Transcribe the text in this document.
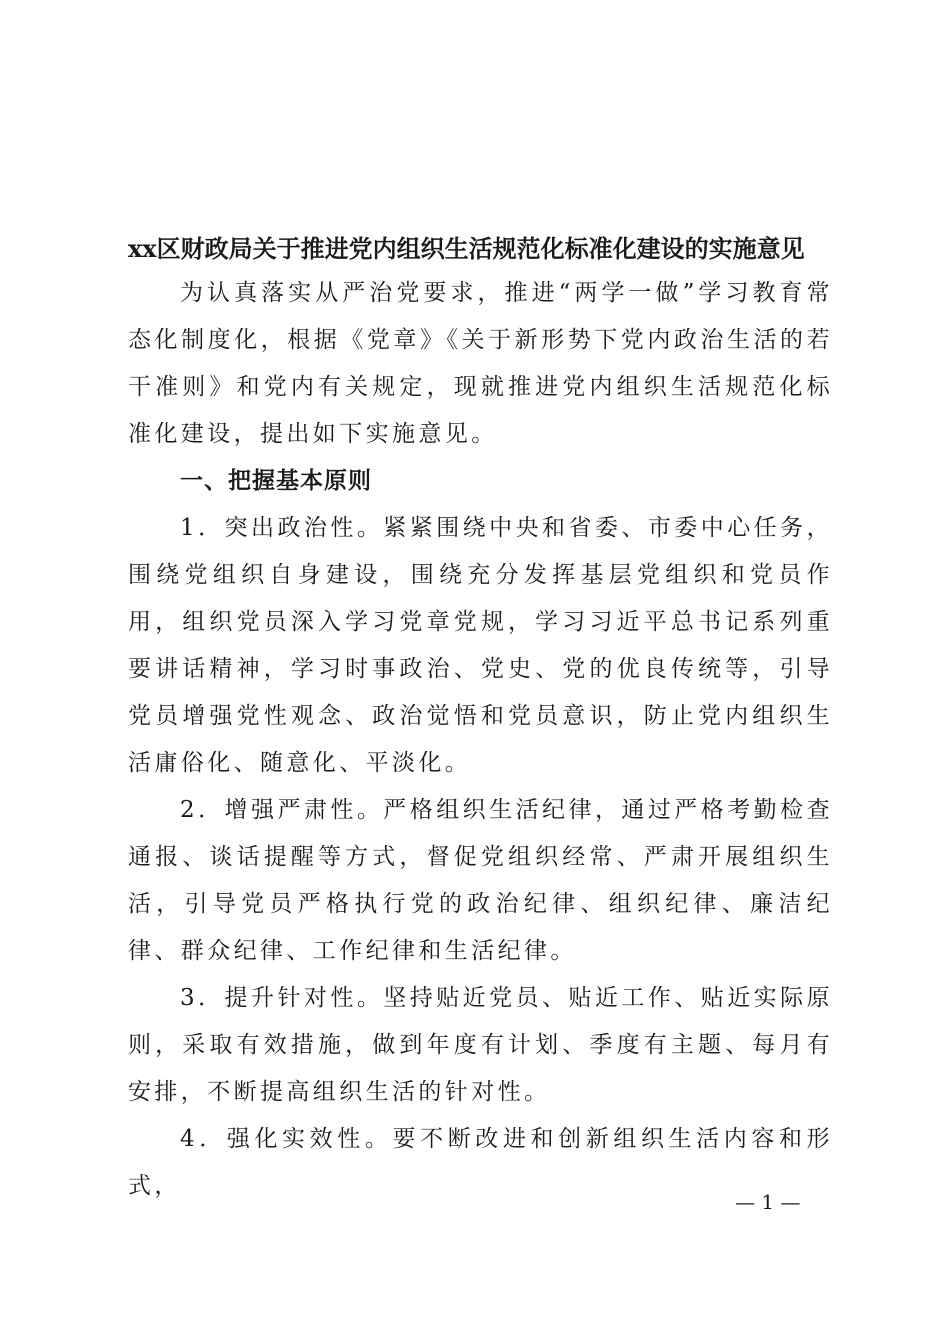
xx区财政局关于推进党内组织生活规范化标准化建设的实施意见

为认真落实从严治党要求，推进“两学一做”学习教育常态化制度化，根据《党章》《关于新形势下党内政治生活的若干准则》和党内有关规定，现就推进党内组织生活规范化标准化建设，提出如下实施意见。

一、把握基本原则

1．突出政治性。紧紧围绕中央和省委、市委中心任务，围绕党组织自身建设，围绕充分发挥基层党组织和党员作用，组织党员深入学习党章党规，学习习近平总书记系列重要讲话精神，学习时事政治、党史、党的优良传统等，引导党员增强党性观念、政治觉悟和党员意识，防止党内组织生活庸俗化、随意化、平淡化。

2．增强严肃性。严格组织生活纪律，通过严格考勤检查通报、谈话提醒等方式，督促党组织经常、严肃开展组织生活，引导党员严格执行党的政治纪律、组织纪律、廉洁纪律、群众纪律、工作纪律和生活纪律。

3．提升针对性。坚持贴近党员、贴近工作、贴近实际原则，采取有效措施，做到年度有计划、季度有主题、每月有安排，不断提高组织生活的针对性。

4．强化实效性。要不断改进和创新组织生活内容和形式，

— 1 —
